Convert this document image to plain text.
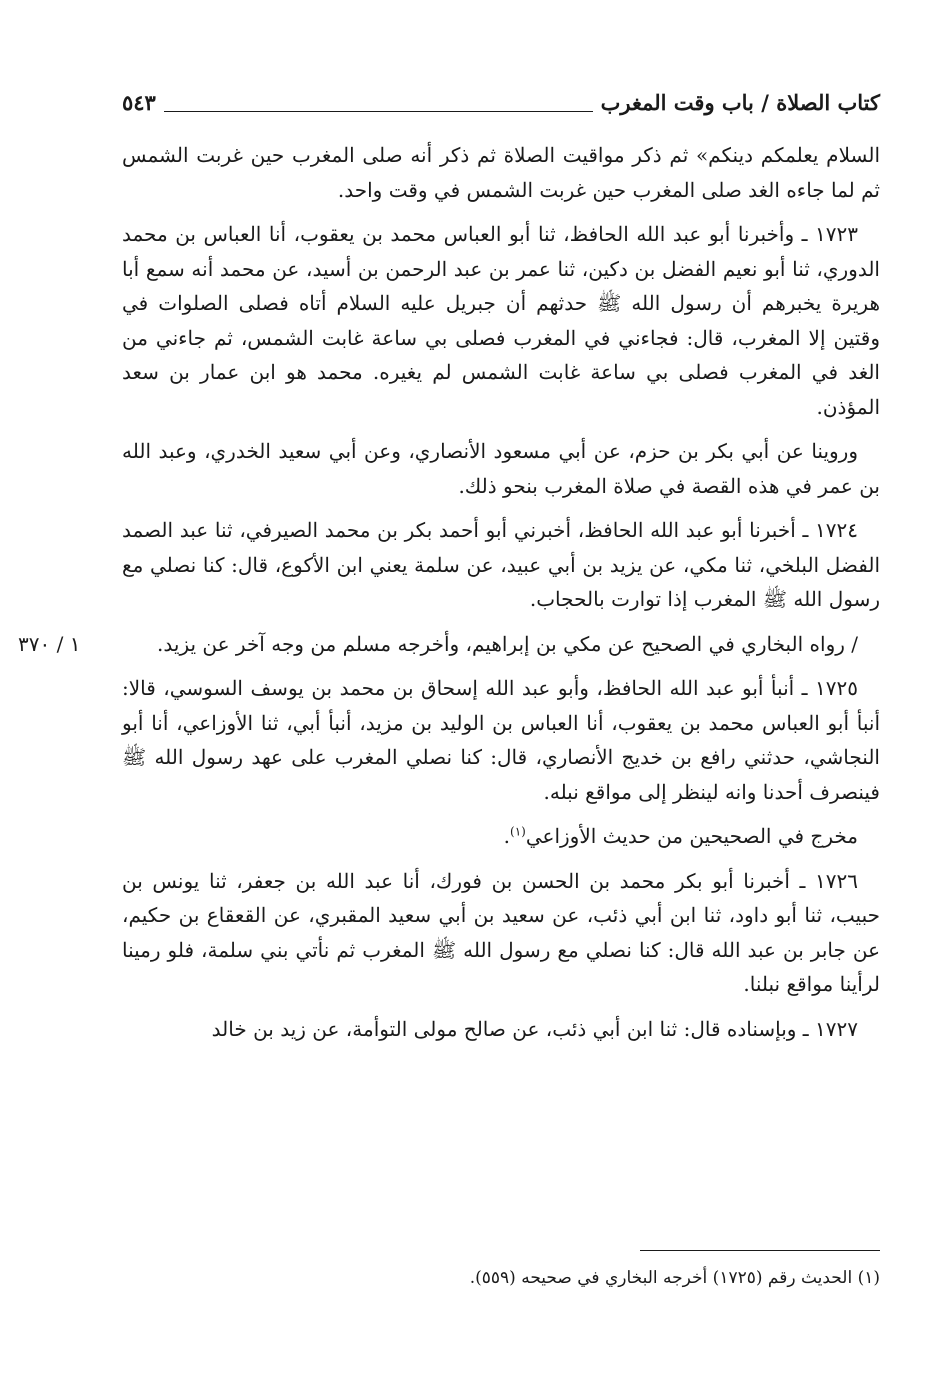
كتاب الصلاة / باب وقت المغرب
٥٤٣

السلام يعلمكم دينكم» ثم ذكر مواقيت الصلاة ثم ذكر أنه صلى المغرب حين غربت الشمس ثم لما جاءه الغد صلى المغرب حين غربت الشمس في وقت واحد.

١٧٢٣ ـ وأخبرنا أبو عبد الله الحافظ، ثنا أبو العباس محمد بن يعقوب، أنا العباس بن محمد الدوري، ثنا أبو نعيم الفضل بن دكين، ثنا عمر بن عبد الرحمن بن أسيد، عن محمد أنه سمع أبا هريرة يخبرهم أن رسول الله ﷺ حدثهم أن جبريل عليه السلام أتاه فصلى الصلوات في وقتين إلا المغرب، قال: فجاءني في المغرب فصلى بي ساعة غابت الشمس، ثم جاءني من الغد في المغرب فصلى بي ساعة غابت الشمس لم يغيره. محمد هو ابن عمار بن سعد المؤذن.

وروينا عن أبي بكر بن حزم، عن أبي مسعود الأنصاري، وعن أبي سعيد الخدري، وعبد الله بن عمر في هذه القصة في صلاة المغرب بنحو ذلك.

١٧٢٤ ـ أخبرنا أبو عبد الله الحافظ، أخبرني أبو أحمد بكر بن محمد الصيرفي، ثنا عبد الصمد الفضل البلخي، ثنا مكي، عن يزيد بن أبي عبيد، عن سلمة يعني ابن الأكوع، قال: كنا نصلي مع رسول الله ﷺ المغرب إذا توارت بالحجاب.

/ رواه البخاري في الصحيح عن مكي بن إبراهيم، وأخرجه مسلم من وجه آخر عن يزيد.
١ / ٣٧٠

١٧٢٥ ـ أنبأ أبو عبد الله الحافظ، وأبو عبد الله إسحاق بن محمد بن يوسف السوسي، قالا: أنبأ أبو العباس محمد بن يعقوب، أنا العباس بن الوليد بن مزيد، أنبأ أبي، ثنا الأوزاعي، أنا أبو النجاشي، حدثني رافع بن خديج الأنصاري، قال: كنا نصلي المغرب على عهد رسول الله ﷺ فينصرف أحدنا وانه لينظر إلى مواقع نبله.

مخرج في الصحيحين من حديث الأوزاعي$^{(١)}$.

١٧٢٦ ـ أخبرنا أبو بكر محمد بن الحسن بن فورك، أنا عبد الله بن جعفر، ثنا يونس بن حبيب، ثنا أبو داود، ثنا ابن أبي ذئب، عن سعيد بن أبي سعيد المقبري، عن القعقاع بن حكيم، عن جابر بن عبد الله قال: كنا نصلي مع رسول الله ﷺ المغرب ثم نأتي بني سلمة، فلو رمينا لرأينا مواقع نبلنا.

١٧٢٧ ـ وبإسناده قال: ثنا ابن أبي ذئب، عن صالح مولى التوأمة، عن زيد بن خالد

(١) الحديث رقم (١٧٢٥) أخرجه البخاري في صحيحه (٥٥٩).
